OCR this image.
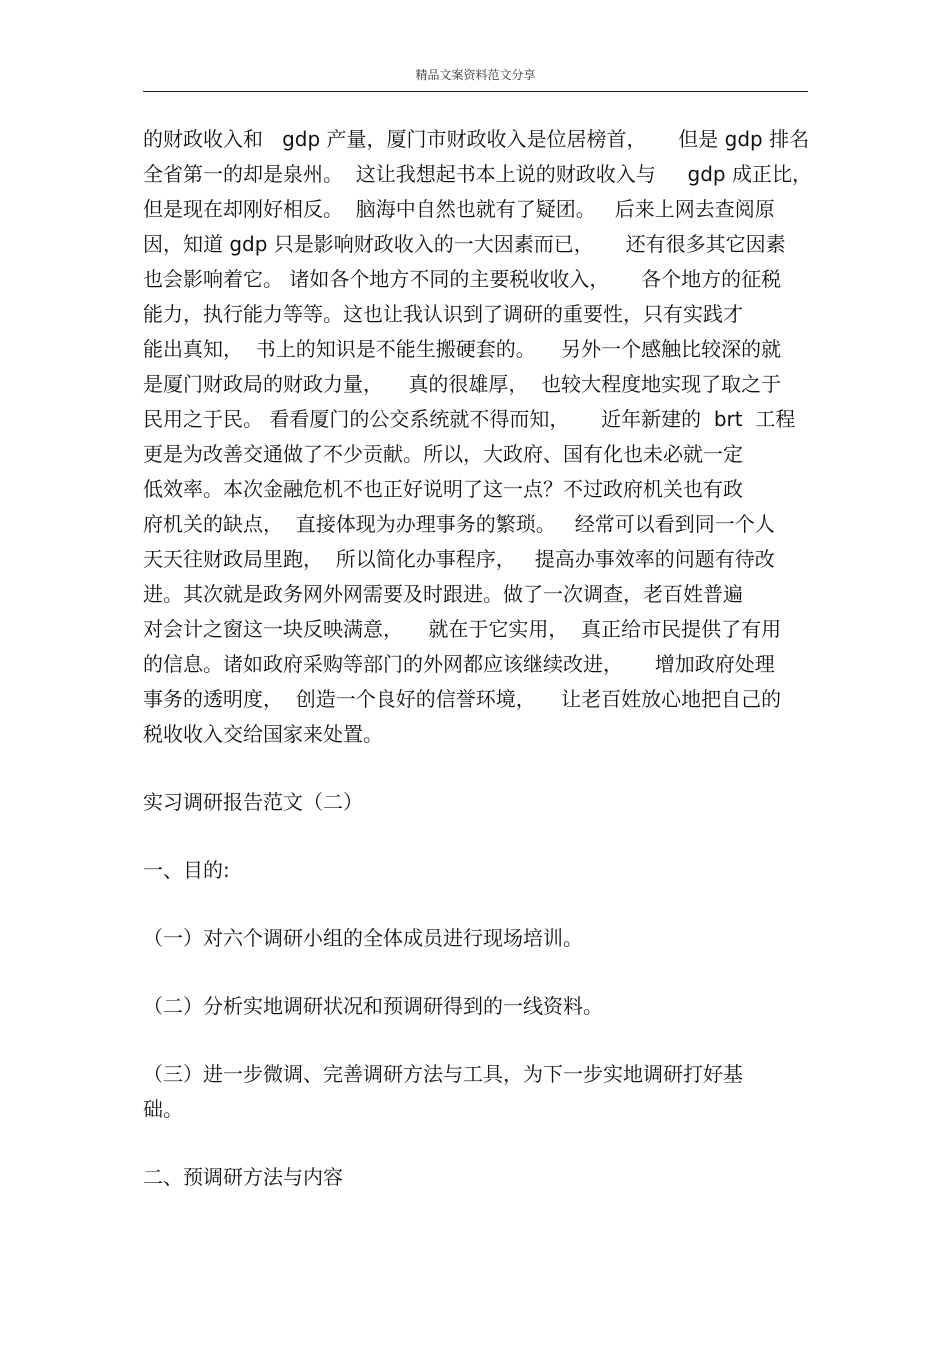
精品文案资料范文分享
的财政收入和   gdp 产量，厦门市财政收入是位居榜首，     但是 gdp 排名
全省第一的却是泉州。  这让我想起书本上说的财政收入与     gdp 成正比，
但是现在却刚好相反。  脑海中自然也就有了疑团。   后来上网去查阅原
因，知道 gdp 只是影响财政收入的一大因素而已，     还有很多其它因素
也会影响着它。 诸如各个地方不同的主要税收收入，     各个地方的征税
能力，执行能力等等。这也让我认识到了调研的重要性，只有实践才
能出真知，  书上的知识是不能生搬硬套的。    另外一个感触比较深的就
是厦门财政局的财政力量，    真的很雄厚，  也较大程度地实现了取之于
民用之于民。 看看厦门的公交系统就不得而知，     近年新建的  brt  工程
更是为改善交通做了不少贡献。所以，大政府、国有化也未必就一定
低效率。本次金融危机不也正好说明了这一点？不过政府机关也有政
府机关的缺点，  直接体现为办理事务的繁琐。   经常可以看到同一个人
天天往财政局里跑，  所以简化办事程序，   提高办事效率的问题有待改
进。其次就是政务网外网需要及时跟进。做了一次调查，老百姓普遍
对会计之窗这一块反映满意，    就在于它实用，  真正给市民提供了有用
的信息。诸如政府采购等部门的外网都应该继续改进，     增加政府处理
事务的透明度，  创造一个良好的信誉环境，    让老百姓放心地把自己的
税收收入交给国家来处置。
实习调研报告范文（二）
一、目的:
（一）对六个调研小组的全体成员进行现场培训。
（二）分析实地调研状况和预调研得到的一线资料。
（三）进一步微调、完善调研方法与工具，为下一步实地调研打好基
础。
二、预调研方法与内容
